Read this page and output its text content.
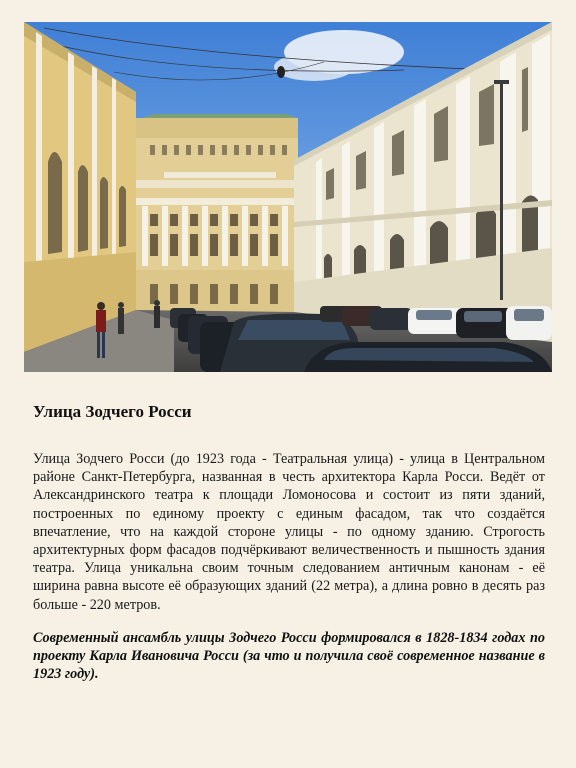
Улица Зодчего Росси
Улица Зодчего Росси (до 1923 года - Театральная улица) - улица в Центральном районе Санкт-Петербурга, названная в честь архитектора Карла Росси. Ведёт от Александринского театра к площади Ломоносова и состоит из пяти зданий, построенных по единому проекту с единым фасадом, так что создаётся впечатление, что на каждой стороне улицы - по одному зданию. Строгость архитектурных форм фасадов подчёркивают величественность и пышность здания театра. Улица уникальна своим точным следованием античным канонам - её ширина равна высоте её образующих зданий (22 метра), а длина ровно в десять раз больше - 220 метров.
Современный ансамбль улицы Зодчего Росси формировался в 1828-1834 годах по проекту Карла Ивановича Росси (за что и получила своё современное название в 1923 году).
